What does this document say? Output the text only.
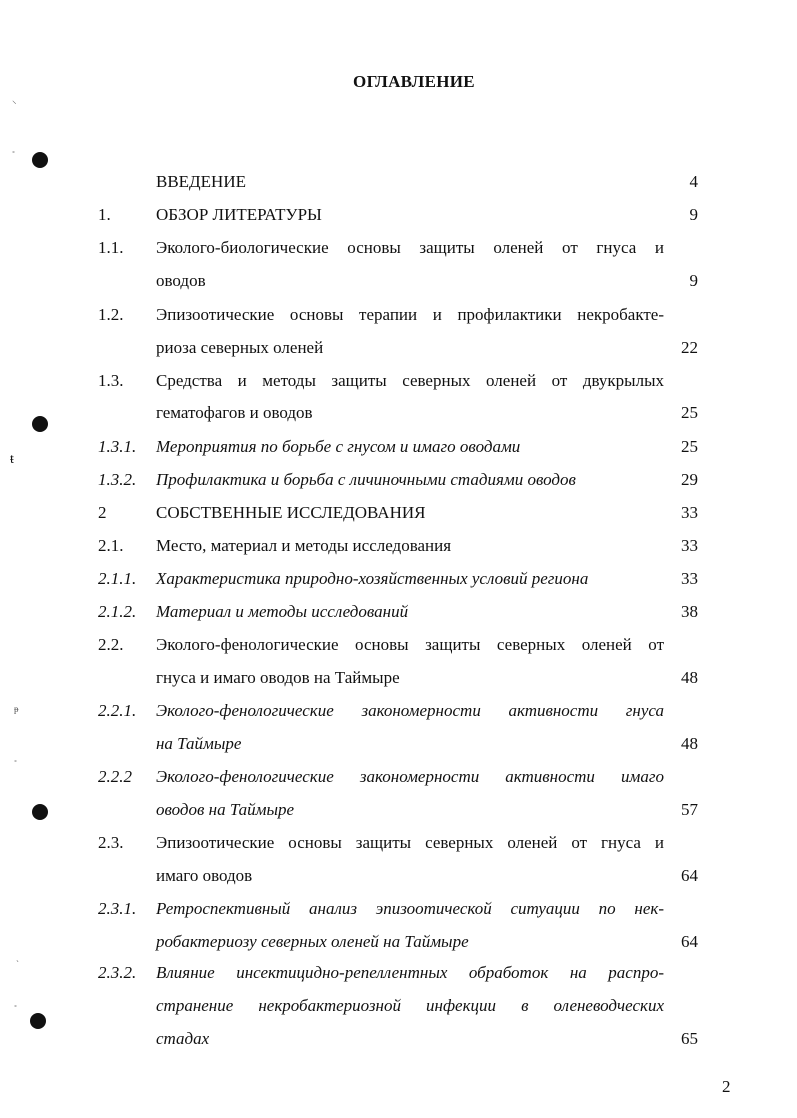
ОГЛАВЛЕНИЕ
ВВЕДЕНИЕ	4
1.	ОБЗОР ЛИТЕРАТУРЫ	9
1.1. Эколого-биологические основы защиты оленей от гнуса и
оводов	9
1.2. Эпизоотические основы терапии и профилактики некробакте-
риоза северных оленей	22
1.3. Средства и методы защиты северных оленей от двукрылых
гематофагов и оводов	25
1.3.1. Мероприятия по борьбе с гнусом и имаго оводами	25
1.3.2. Профилактика и борьба с личиночными стадиями оводов	29
2	СОБСТВЕННЫЕ ИССЛЕДОВАНИЯ	33
2.1. Место, материал и методы исследования	33
2.1.1. Характеристика природно-хозяйственных условий региона	33
2.1.2. Материал и методы исследований	38
2.2. Эколого-фенологические основы защиты северных оленей от
гнуса и имаго оводов на Таймыре	48
2.2.1. Эколого-фенологические закономерности активности гнуса
на Таймыре	48
2.2.2 Эколого-фенологические закономерности активности имаго
оводов на Таймыре	57
2.3. Эпизоотические основы защиты северных оленей от гнуса и
имаго оводов	64
2.3.1. Ретроспективный анализ эпизоотической ситуации по нек-
робактериозу северных оленей на Таймыре	64
2.3.2. Влияние инсектицидно-репеллентных обработок на распро-
странение некробактериозной инфекции в оленеводческих
стадах	65
2
⸌
˳
ŧ
ᵽ
˳
˴
˳
